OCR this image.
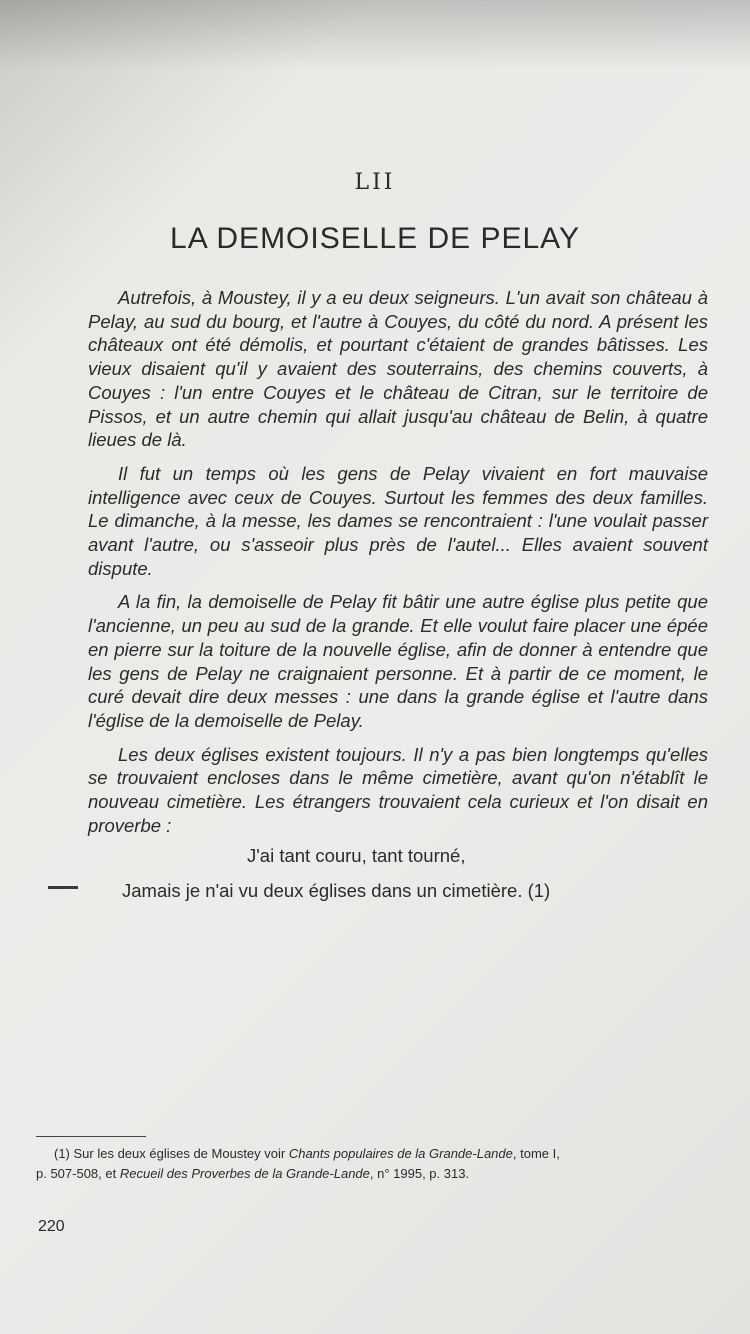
LII
LA DEMOISELLE DE PELAY

Autrefois, à Moustey, il y a eu deux seigneurs. L'un avait son château à Pelay, au sud du bourg, et l'autre à Couyes, du côté du nord. A présent les châteaux ont été démolis, et pourtant c'étaient de grandes bâtisses. Les vieux disaient qu'il y avaient des souterrains, des chemins couverts, à Couyes : l'un entre Couyes et le château de Citran, sur le territoire de Pissos, et un autre chemin qui allait jusqu'au château de Belin, à quatre lieues de là.

Il fut un temps où les gens de Pelay vivaient en fort mauvaise intelligence avec ceux de Couyes. Surtout les femmes des deux familles. Le dimanche, à la messe, les dames se rencontraient : l'une voulait passer avant l'autre, ou s'asseoir plus près de l'autel... Elles avaient souvent dispute.

A la fin, la demoiselle de Pelay fit bâtir une autre église plus petite que l'ancienne, un peu au sud de la grande. Et elle voulut faire placer une épée en pierre sur la toiture de la nouvelle église, afin de donner à entendre que les gens de Pelay ne craignaient personne. Et à partir de ce moment, le curé devait dire deux messes : une dans la grande église et l'autre dans l'église de la demoiselle de Pelay.

Les deux églises existent toujours. Il n'y a pas bien longtemps qu'elles se trouvaient encloses dans le même cimetière, avant qu'on n'établît le nouveau cimetière. Les étrangers trouvaient cela curieux et l'on disait en proverbe :

J'ai tant couru, tant tourné,
Jamais je n'ai vu deux églises dans un cimetière. (1)
(1) Sur les deux églises de Moustey voir Chants populaires de la Grande-Lande, tome I,
p. 507-508, et Recueil des Proverbes de la Grande-Lande, n° 1995, p. 313.
220
